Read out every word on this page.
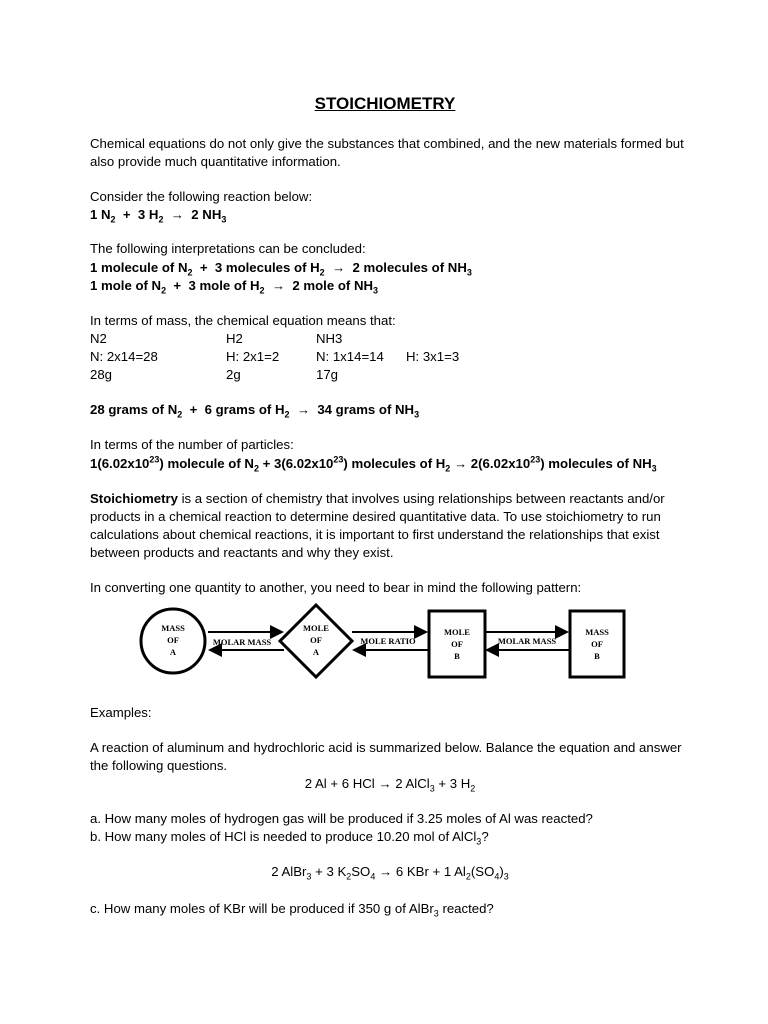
STOICHIOMETRY
Chemical equations do not only give the substances that combined, and the new materials formed but also provide much quantitative information.
Consider the following reaction below:
1 $N_2 + 3$ $H_2 \to 2$ $NH_3$
The following interpretations can be concluded:
1 molecule of $N_2 + 3$ molecules of $H_2 \to 2$ molecules of $NH_3$
1 mole of $N_2 + 3$ mole of $H_2 \to 2$ mole of $NH_3$
In terms of mass, the chemical equation means that:
N2	H2	NH3
N: 2x14=28	H: 2x1=2	N: 1x14=14 H: 3x1=3
28g	2g	17g
28 grams of $N_2 + 6$ grams of $H_2 \to 34$ grams of $NH_3$
In terms of the number of particles:
$1(6.02x10^{23})$ molecule of $N_2 + 3(6.02x10^{23})$ molecules of $H_2 \to 2(6.02x10^{23})$ molecules of $NH_3$
Stoichiometry is a section of chemistry that involves using relationships between reactants and/or products in a chemical reaction to determine desired quantitative data. To use stoichiometry to run calculations about chemical reactions, it is important to first understand the relationships that exist between products and reactants and why they exist.
In converting one quantity to another, you need to bear in mind the following pattern:
MASS
OF
A
MOLAR MASS
MOLE
OF
A
MOLE RATIO
MOLE
OF
B
MOLAR MASS
MASS
OF
B
Examples:
A reaction of aluminum and hydrochloric acid is summarized below. Balance the equation and answer the following questions.
2 Al + 6 HCl → 2 AlCl$_3$ + 3 $H_2$
a. How many moles of hydrogen gas will be produced if 3.25 moles of Al was reacted?
b. How many moles of HCl is needed to produce 10.20 mol of AlCl$_3$?
2 AlBr$_3$ + 3 $K_2SO_4 \to 6$ KBr + 1 $Al_2(SO_4)_3$
c. How many moles of KBr will be produced if 350 g of AlBr$_3$ reacted?
